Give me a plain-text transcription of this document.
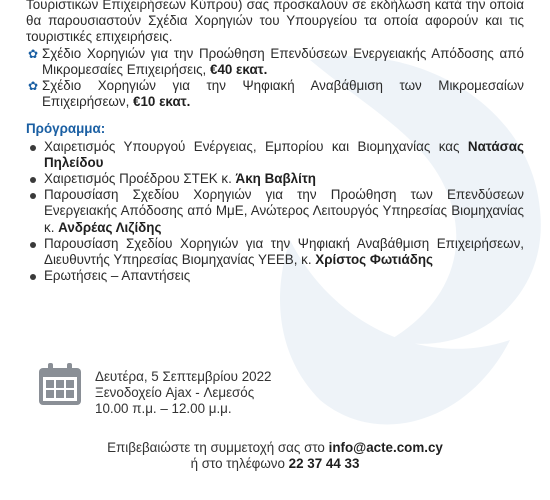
Τουριστικών Επιχειρήσεων Κύπρου) σας προσκαλούν σε εκδήλωση κατά την οποία θα παρουσιαστούν Σχέδια Χορηγιών του Υπουργείου τα οποία αφορούν και τις τουριστικές επιχειρήσεις.
✿ Σχέδιο Χορηγιών για την Προώθηση Επενδύσεων Ενεργειακής Απόδοσης από Μικρομεσαίες Επιχειρήσεις, €40 εκατ.
✿ Σχέδιο Χορηγιών για την Ψηφιακή Αναβάθμιση των Μικρομεσαίων Επιχειρήσεων, €10 εκατ.
Πρόγραμμα:
Χαιρετισμός Υπουργού Ενέργειας, Εμπορίου και Βιομηχανίας κας Νατάσας Πηλείδου
Χαιρετισμός Προέδρου ΣΤΕΚ κ. Άκη Βαβλίτη
Παρουσίαση Σχεδίου Χορηγιών για την Προώθηση των Επενδύσεων Ενεργειακής Απόδοσης από ΜμΕ, Ανώτερος Λειτουργός Υπηρεσίας Βιομηχανίας κ. Ανδρέας Λιζίδης
Παρουσίαση Σχεδίου Χορηγιών για την Ψηφιακή Αναβάθμιση Επιχειρήσεων, Διευθυντής Υπηρεσίας Βιομηχανίας ΥΕΕΒ, κ. Χρίστος Φωτιάδης
Ερωτήσεις – Απαντήσεις
Δευτέρα, 5 Σεπτεμβρίου 2022
Ξενοδοχείο Ajax - Λεμεσός
10.00 π.μ. – 12.00 μ.μ.
Επιβεβαιώστε τη συμμετοχή σας στο info@acte.com.cy
ή στο τηλέφωνο 22 37 44 33
